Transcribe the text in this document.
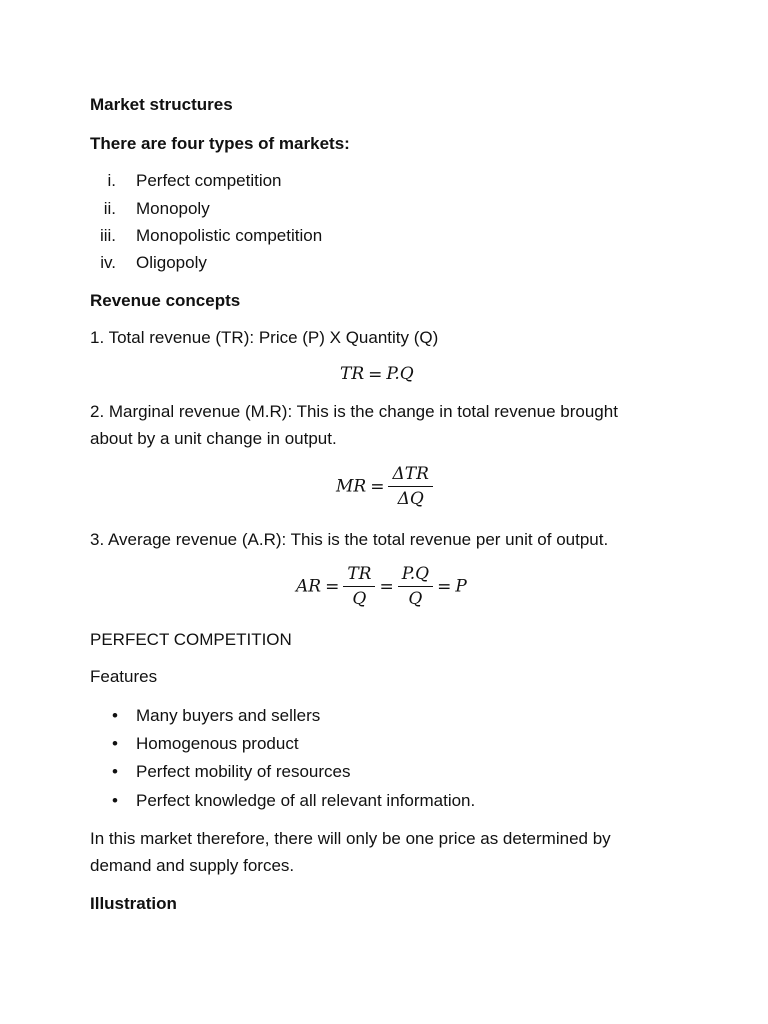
Market structures
There are four types of markets:
i. Perfect competition
ii. Monopoly
iii. Monopolistic competition
iv. Oligopoly
Revenue concepts
1. Total revenue (TR): Price (P) X Quantity (Q)
TR = P.Q
2. Marginal revenue (M.R): This is the change in total revenue brought
about by a unit change in output.
MR = $\frac{\text{ΔTR}}{\Delta Q}$
3. Average revenue (A.R): This is the total revenue per unit of output.
AR = $\frac{TR}{Q} = \frac{P.Q}{Q} = P$
PERFECT COMPETITION
Features
• Many buyers and sellers
• Homogenous product
• Perfect mobility of resources
• Perfect knowledge of all relevant information.
In this market therefore, there will only be one price as determined by
demand and supply forces.
Illustration
